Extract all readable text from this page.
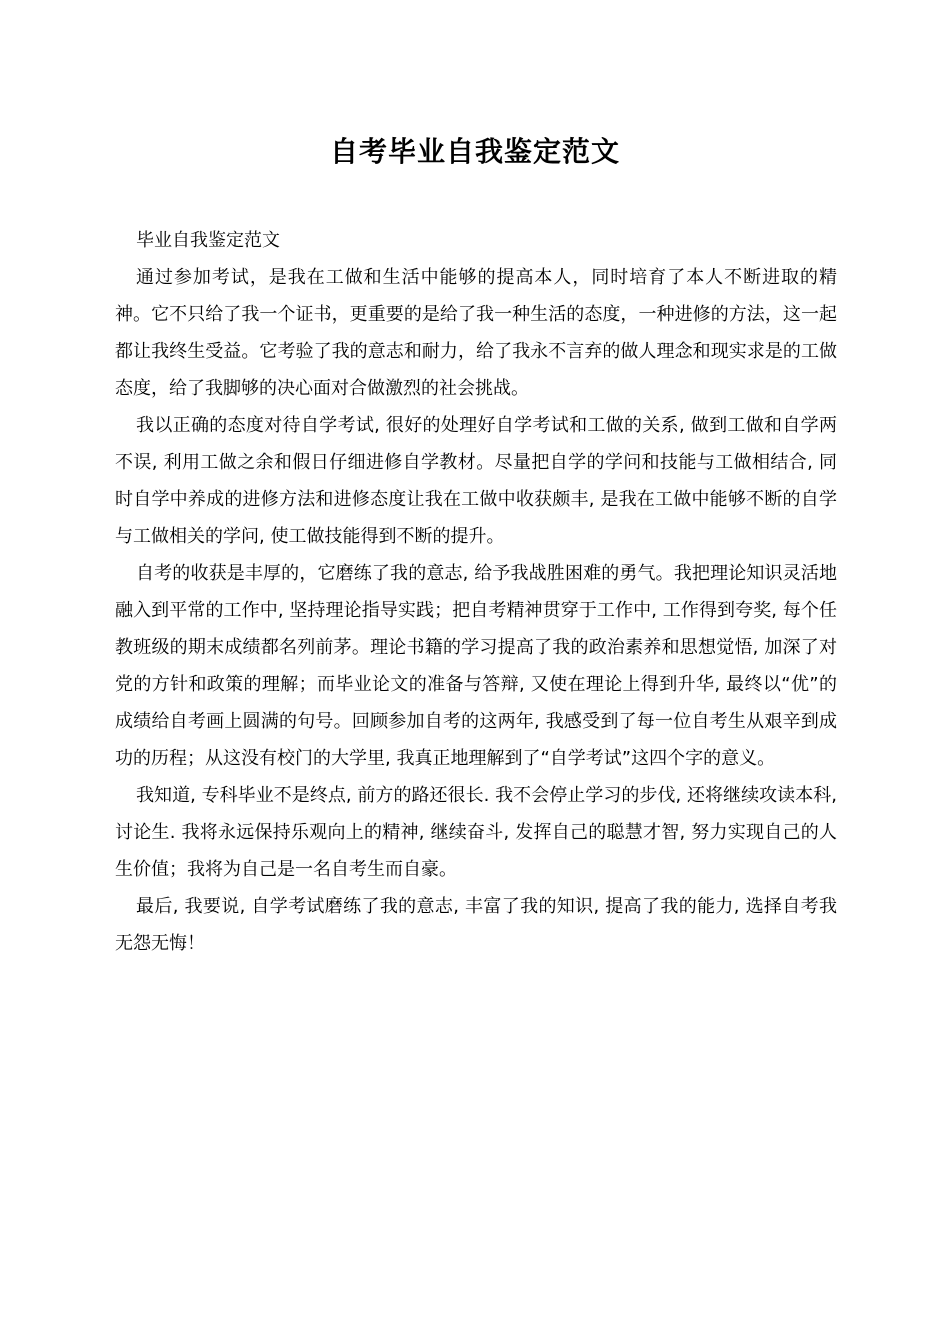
自考毕业自我鉴定范文

毕业自我鉴定范文

通过参加考试，是我在工做和生活中能够的提高本人，同时培育了本人不断进取的精神。它不只给了我一个证书，更重要的是给了我一种生活的态度，一种进修的方法，这一起都让我终生受益。它考验了我的意志和耐力，给了我永不言弃的做人理念和现实求是的工做态度，给了我脚够的决心面对合做激烈的社会挑战。

我以正确的态度对待自学考试, 很好的处理好自学考试和工做的关系, 做到工做和自学两不误, 利用工做之余和假日仔细进修自学教材。尽量把自学的学问和技能与工做相结合, 同时自学中养成的进修方法和进修态度让我在工做中收获颇丰, 是我在工做中能够不断的自学与工做相关的学问, 使工做技能得到不断的提升。

自考的收获是丰厚的，它磨练了我的意志, 给予我战胜困难的勇气。我把理论知识灵活地融入到平常的工作中, 坚持理论指导实践；把自考精神贯穿于工作中, 工作得到夸奖, 每个任教班级的期末成绩都名列前茅。理论书籍的学习提高了我的政治素养和思想觉悟, 加深了对党的方针和政策的理解；而毕业论文的准备与答辩, 又使在理论上得到升华, 最终以“优”的成绩给自考画上圆满的句号。回顾参加自考的这两年, 我感受到了每一位自考生从艰辛到成功的历程；从这没有校门的大学里, 我真正地理解到了“自学考试”这四个字的意义。

我知道, 专科毕业不是终点, 前方的路还很长. 我不会停止学习的步伐, 还将继续攻读本科, 讨论生. 我将永远保持乐观向上的精神, 继续奋斗, 发挥自己的聪慧才智, 努力实现自己的人生价值；我将为自己是一名自考生而自豪。

最后, 我要说, 自学考试磨练了我的意志, 丰富了我的知识, 提高了我的能力, 选择自考我无怨无悔！
